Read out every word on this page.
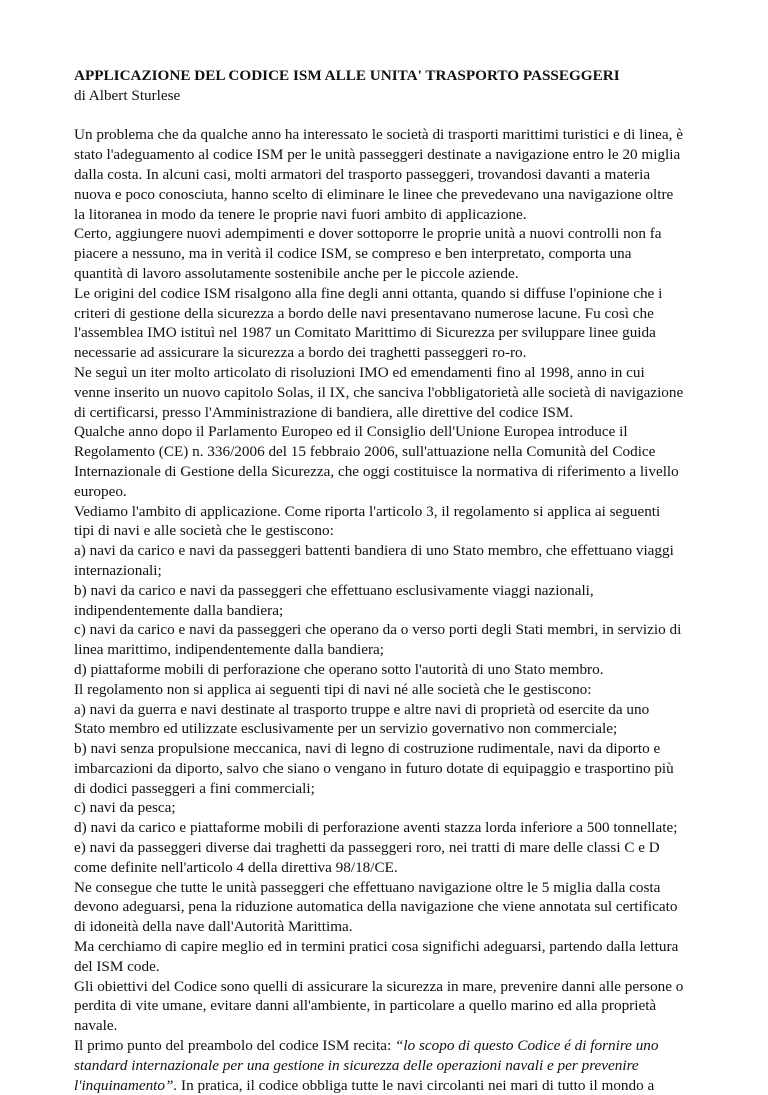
APPLICAZIONE DEL CODICE ISM ALLE UNITA' TRASPORTO PASSEGGERI

di Albert Sturlese

Un problema che da qualche anno ha interessato le società di trasporti marittimi turistici e di linea, è

stato l'adeguamento al codice ISM per le unità passeggeri destinate a navigazione entro le 20 miglia

dalla costa. In alcuni casi, molti armatori del trasporto passeggeri, trovandosi davanti a materia

nuova e poco conosciuta, hanno scelto di eliminare le linee che prevedevano una navigazione oltre

la litoranea in modo da tenere le proprie navi fuori ambito di applicazione.

Certo, aggiungere nuovi adempimenti e dover sottoporre le proprie unità a nuovi controlli non fa

piacere a nessuno, ma in verità il codice ISM, se compreso e ben interpretato, comporta una

quantità di lavoro assolutamente sostenibile anche per le piccole aziende.

Le origini del codice ISM risalgono alla fine degli anni ottanta, quando si diffuse l'opinione che i

criteri di gestione della sicurezza a bordo delle navi presentavano numerose lacune. Fu così che

l'assemblea IMO istituì nel 1987 un Comitato Marittimo di Sicurezza per sviluppare linee guida

necessarie ad assicurare la sicurezza a bordo dei traghetti passeggeri ro-ro.

Ne seguì un iter molto articolato di risoluzioni IMO ed emendamenti fino al 1998, anno in cui

venne inserito un nuovo capitolo Solas, il IX, che sanciva l'obbligatorietà alle società di navigazione

di certificarsi, presso l'Amministrazione di bandiera, alle direttive del codice ISM.

Qualche anno dopo il Parlamento Europeo ed il Consiglio dell'Unione Europea introduce il

Regolamento (CE) n. 336/2006 del 15 febbraio 2006, sull'attuazione nella Comunità del Codice

Internazionale di Gestione della Sicurezza, che oggi costituisce la normativa di riferimento a livello

europeo.

Vediamo l'ambito di applicazione. Come riporta l'articolo 3, il regolamento si applica ai seguenti

tipi di navi e alle società che le gestiscono:

a) navi da carico e navi da passeggeri battenti bandiera di uno Stato membro, che effettuano viaggi

internazionali;

b) navi da carico e navi da passeggeri che effettuano esclusivamente viaggi nazionali,

indipendentemente dalla bandiera;

c) navi da carico e navi da passeggeri che operano da o verso porti degli Stati membri, in servizio di

linea marittimo, indipendentemente dalla bandiera;

d) piattaforme mobili di perforazione che operano sotto l'autorità di uno Stato membro.

Il regolamento non si applica ai seguenti tipi di navi né alle società che le gestiscono:

a) navi da guerra e navi destinate al trasporto truppe e altre navi di proprietà od esercite da uno

Stato membro ed utilizzate esclusivamente per un servizio governativo non commerciale;

b) navi senza propulsione meccanica, navi di legno di costruzione rudimentale, navi da diporto e

imbarcazioni da diporto, salvo che siano o vengano in futuro dotate di equipaggio e trasportino più

di dodici passeggeri a fini commerciali;

c) navi da pesca;

d) navi da carico e piattaforme mobili di perforazione aventi stazza lorda inferiore a 500 tonnellate;

e) navi da passeggeri diverse dai traghetti da passeggeri roro, nei tratti di mare delle classi C e D

come definite nell'articolo 4 della direttiva 98/18/CE.

Ne consegue che tutte le unità passeggeri che effettuano navigazione oltre le 5 miglia dalla costa

devono adeguarsi, pena la riduzione automatica della navigazione che viene annotata sul certificato

di idoneità della nave dall'Autorità Marittima.

Ma cerchiamo di capire meglio ed in termini pratici cosa significhi adeguarsi, partendo dalla lettura

del ISM code.

Gli obiettivi del Codice sono quelli di assicurare la sicurezza in mare, prevenire danni alle persone o

perdita di vite umane, evitare danni all'ambiente, in particolare a quello marino ed alla proprietà

navale.

Il primo punto del preambolo del codice ISM recita: “lo scopo di questo Codice é di fornire uno

standard internazionale per una gestione in sicurezza delle operazioni navali e per prevenire

l'inquinamento”. In pratica, il codice obbliga tutte le navi circolanti nei mari di tutto il mondo a
